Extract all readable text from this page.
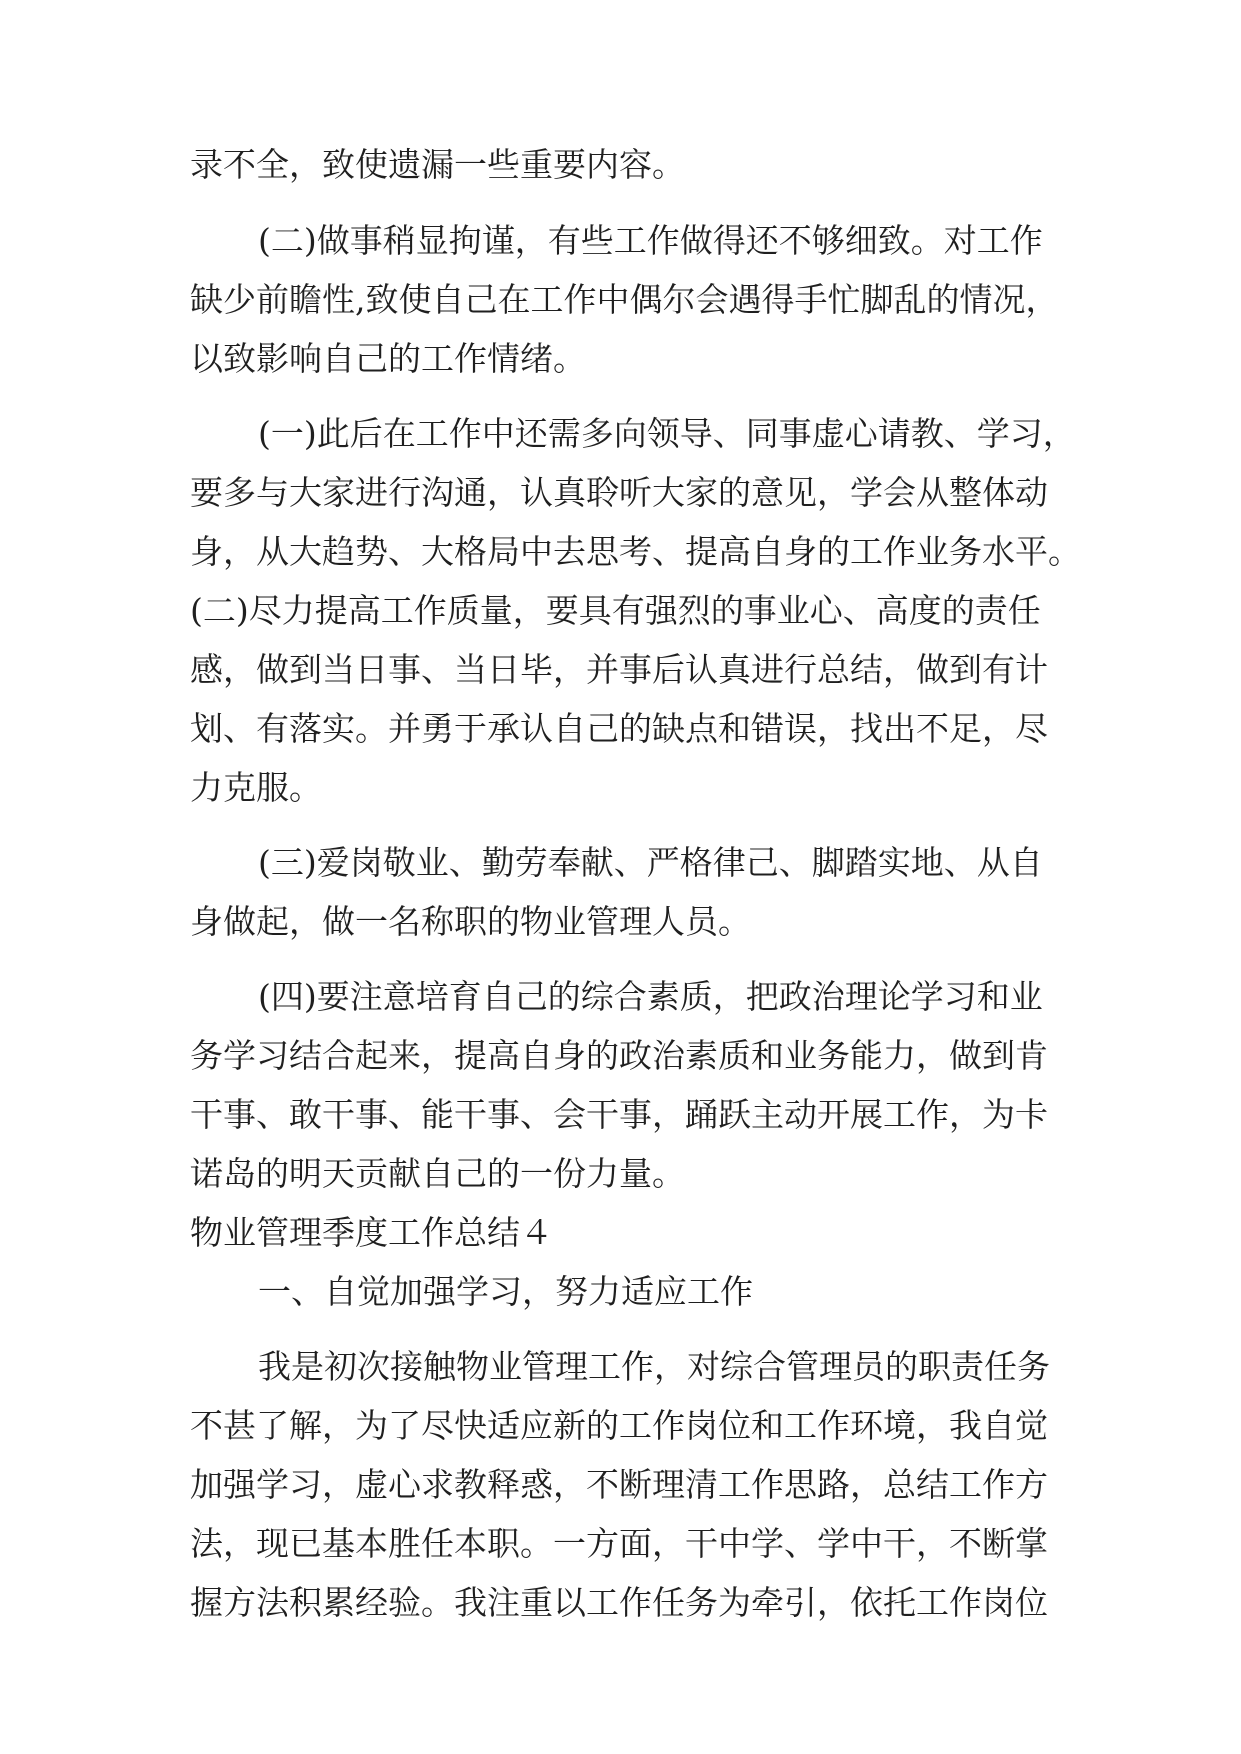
录不全，致使遗漏一些重要内容。
(二)做事稍显拘谨，有些工作做得还不够细致。对工作
缺少前瞻性,致使自己在工作中偶尔会遇得手忙脚乱的情况，
以致影响自己的工作情绪。
(一)此后在工作中还需多向领导、同事虚心请教、学习，
要多与大家进行沟通，认真聆听大家的意见，学会从整体动
身，从大趋势、大格局中去思考、提高自身的工作业务水平。
(二)尽力提高工作质量，要具有强烈的事业心、高度的责任
感，做到当日事、当日毕，并事后认真进行总结，做到有计
划、有落实。并勇于承认自己的缺点和错误，找出不足，尽
力克服。
(三)爱岗敬业、勤劳奉献、严格律己、脚踏实地、从自
身做起，做一名称职的物业管理人员。
(四)要注意培育自己的综合素质，把政治理论学习和业
务学习结合起来，提高自身的政治素质和业务能力，做到肯
干事、敢干事、能干事、会干事，踊跃主动开展工作，为卡
诺岛的明天贡献自己的一份力量。
物业管理季度工作总结４
一、自觉加强学习，努力适应工作
我是初次接触物业管理工作，对综合管理员的职责任务
不甚了解，为了尽快适应新的工作岗位和工作环境，我自觉
加强学习，虚心求教释惑，不断理清工作思路，总结工作方
法，现已基本胜任本职。一方面，干中学、学中干，不断掌
握方法积累经验。我注重以工作任务为牵引，依托工作岗位
